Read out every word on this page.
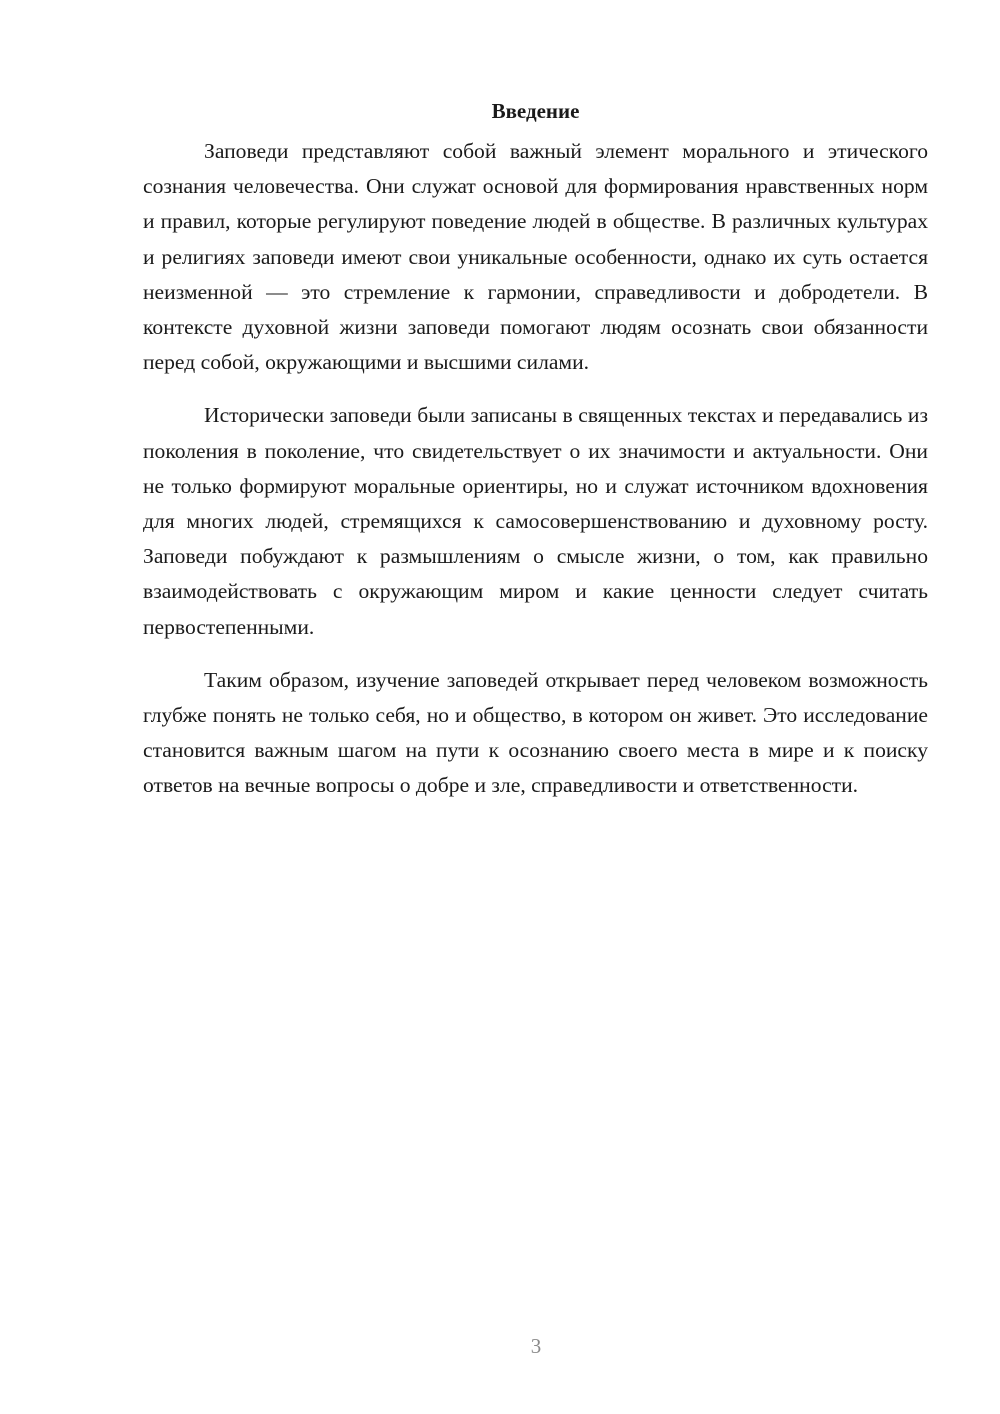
Введение

Заповеди представляют собой важный элемент морального и этического сознания человечества. Они служат основой для формирования нравственных норм и правил, которые регулируют поведение людей в обществе. В различных культурах и религиях заповеди имеют свои уникальные особенности, однако их суть остается неизменной — это стремление к гармонии, справедливости и добродетели. В контексте духовной жизни заповеди помогают людям осознать свои обязанности перед собой, окружающими и высшими силами.

Исторически заповеди были записаны в священных текстах и передавались из поколения в поколение, что свидетельствует о их значимости и актуальности. Они не только формируют моральные ориентиры, но и служат источником вдохновения для многих людей, стремящихся к самосовершенствованию и духовному росту. Заповеди побуждают к размышлениям о смысле жизни, о том, как правильно взаимодействовать с окружающим миром и какие ценности следует считать первостепенными.

Таким образом, изучение заповедей открывает перед человеком возможность глубже понять не только себя, но и общество, в котором он живет. Это исследование становится важным шагом на пути к осознанию своего места в мире и к поиску ответов на вечные вопросы о добре и зле, справедливости и ответственности.

3
